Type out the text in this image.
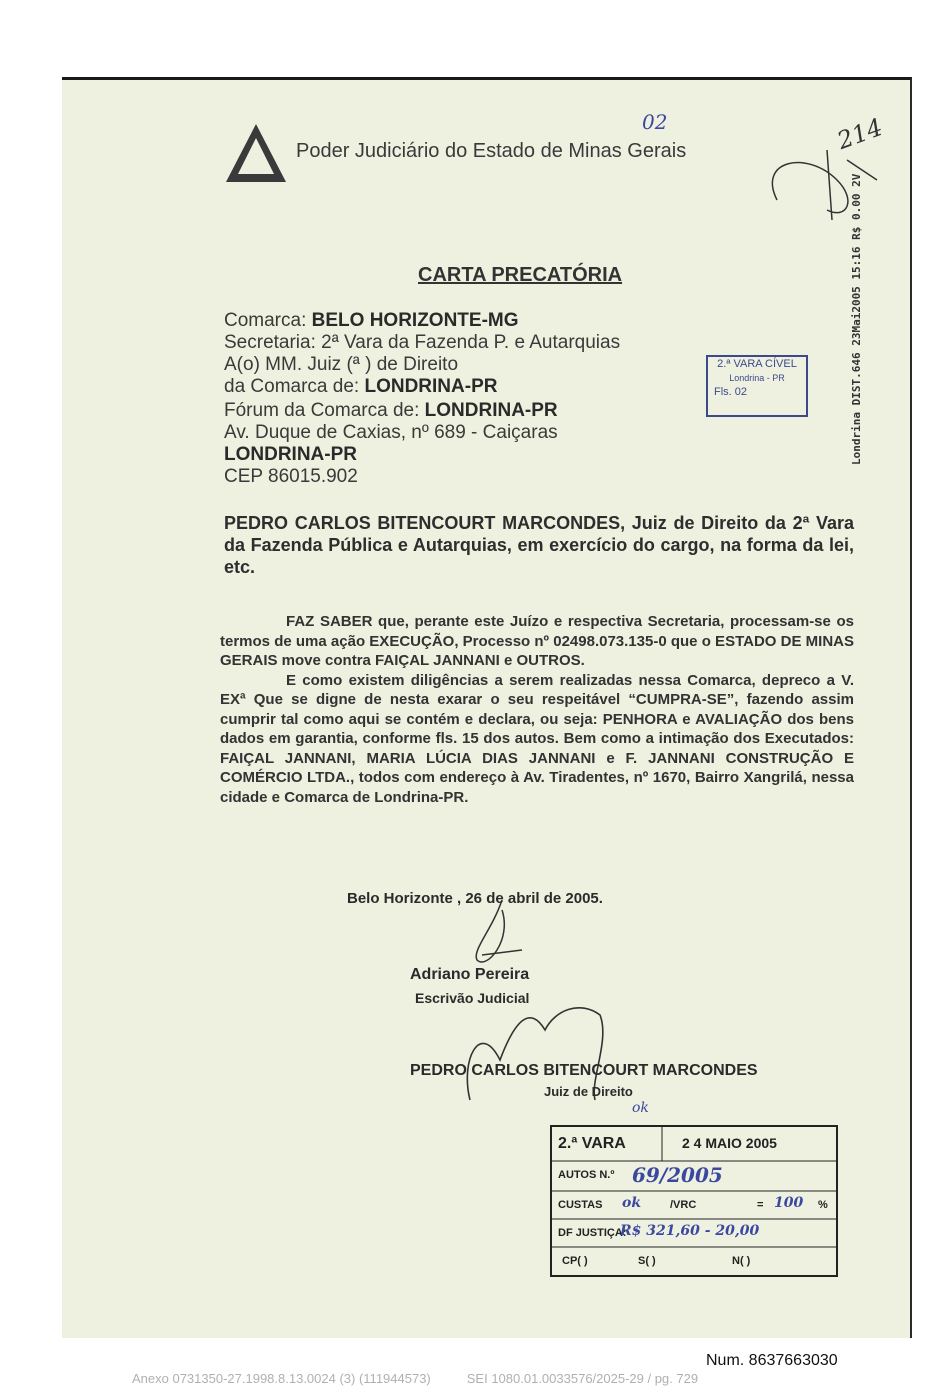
Poder Judiciário do Estado de Minas Gerais
CARTA PRECATÓRIA
Comarca: BELO HORIZONTE-MG
Secretaria: 2ª Vara da Fazenda P. e Autarquias
A(o) MM. Juiz (ª ) de Direito
da Comarca de: LONDRINA-PR
Fórum da Comarca de: LONDRINA-PR
Av. Duque de Caxias, nº 689 - Caiçaras
LONDRINA-PR
CEP 86015.902
2.ª VARA CÍVEL
Londrina - PR
Fls. 02	Londrina DIST.646 23Mai2005 15:16 R$ 0.00 2V
PEDRO CARLOS BITENCOURT MARCONDES, Juiz de Direito da 2ª Vara da Fazenda Pública e Autarquias, em exercício do cargo, na forma da lei, etc.

FAZ SABER que, perante este Juízo e respectiva Secretaria, processam-se os termos de uma ação EXECUÇÃO, Processo nº 02498.073.135-0 que o ESTADO DE MINAS GERAIS move contra FAIÇAL JANNANI e OUTROS.

E como existem diligências a serem realizadas nessa Comarca, depreco a V. EXª Que se digne de nesta exarar o seu respeitável “CUMPRA-SE”, fazendo assim cumprir tal como aqui se contém e declara, ou seja: PENHORA e AVALIAÇÃO dos bens dados em garantia, conforme fls. 15 dos autos. Bem como a intimação dos Executados: FAIÇAL JANNANI, MARIA LÚCIA DIAS JANNANI e F. JANNANI CONSTRUÇÃO E COMÉRCIO LTDA., todos com endereço à Av. Tiradentes, nº 1670, Bairro Xangrilá, nessa cidade e Comarca de Londrina-PR.

Belo Horizonte , 26 de abril de 2005.
Adriano Pereira
Escrivão Judicial
PEDRO CARLOS BITENCOURT MARCONDES
Juiz de Direito
02	214
ok
2.ª VARA	2 4 MAIO 2005
AUTOS N.º 69/2005
CUSTAS ok	/VRC	= 100 %
DF JUSTIÇA:
R$ 321,60 - 20,00
CP( )	S( )	N( )
Num. 8637663030
Anexo 0731350-27.1998.8.13.0024 (3) (111944573)	SEI 1080.01.0033576/2025-29 / pg. 729
